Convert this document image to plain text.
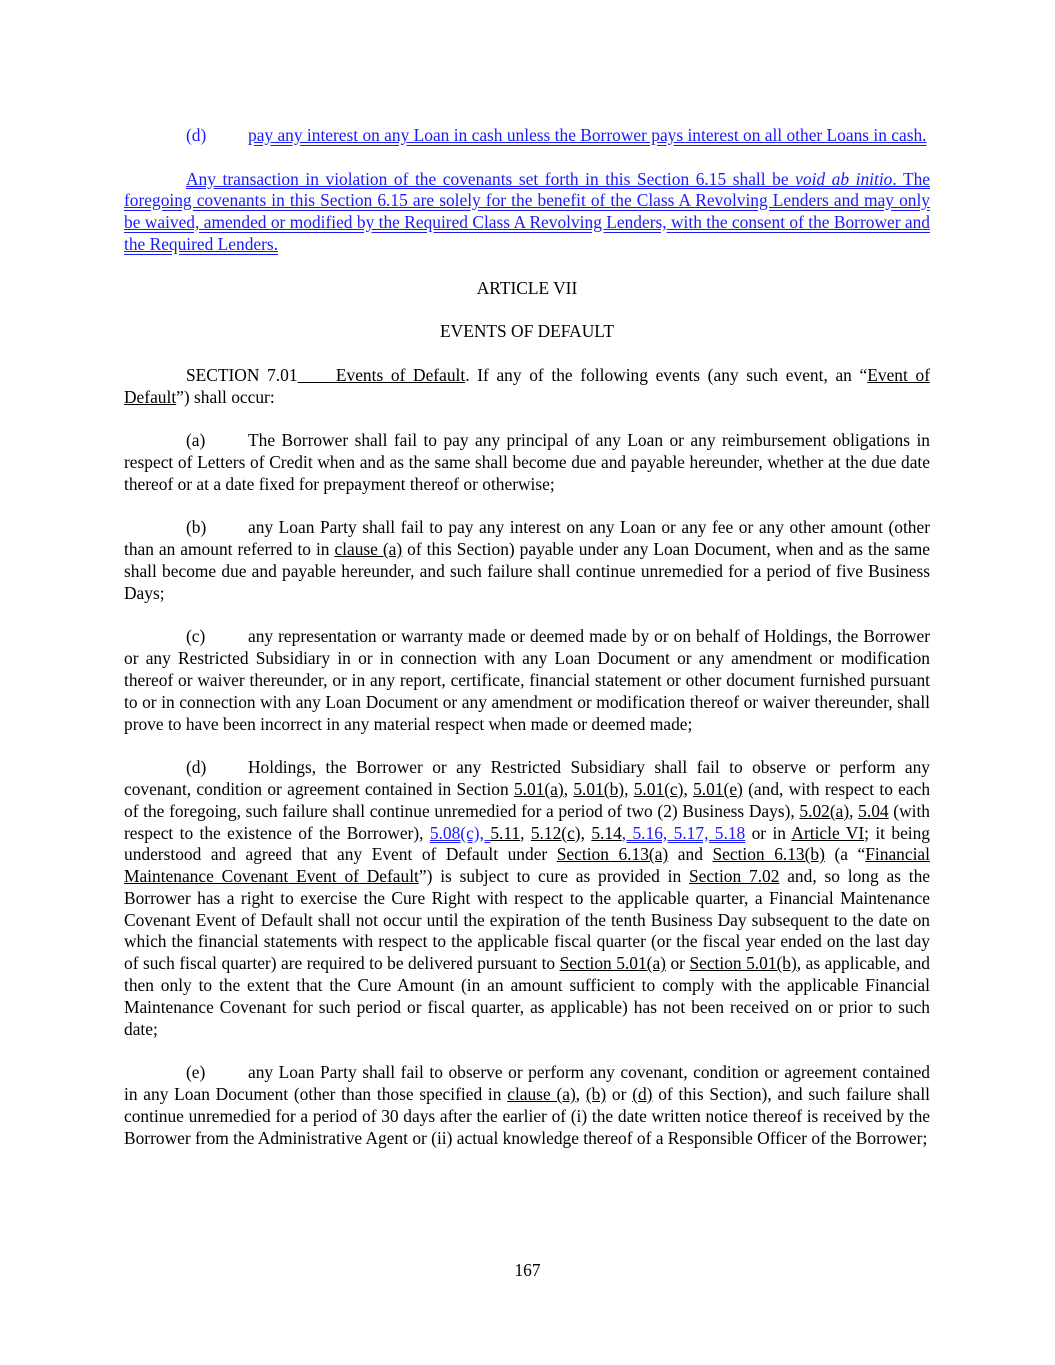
(d) pay any interest on any Loan in cash unless the Borrower pays interest on all other Loans in cash.

Any transaction in violation of the covenants set forth in this Section 6.15 shall be void ab initio. The foregoing covenants in this Section 6.15 are solely for the benefit of the Class A Revolving Lenders and may only be waived, amended or modified by the Required Class A Revolving Lenders, with the consent of the Borrower and the Required Lenders.

ARTICLE VII

EVENTS OF DEFAULT

SECTION 7.01 Events of Default. If any of the following events (any such event, an “Event of Default”) shall occur:

(a) The Borrower shall fail to pay any principal of any Loan or any reimbursement obligations in respect of Letters of Credit when and as the same shall become due and payable hereunder, whether at the due date thereof or at a date fixed for prepayment thereof or otherwise;

(b) any Loan Party shall fail to pay any interest on any Loan or any fee or any other amount (other than an amount referred to in clause (a) of this Section) payable under any Loan Document, when and as the same shall become due and payable hereunder, and such failure shall continue unremedied for a period of five Business Days;

(c) any representation or warranty made or deemed made by or on behalf of Holdings, the Borrower or any Restricted Subsidiary in or in connection with any Loan Document or any amendment or modification thereof or waiver thereunder, or in any report, certificate, financial statement or other document furnished pursuant to or in connection with any Loan Document or any amendment or modification thereof or waiver thereunder, shall prove to have been incorrect in any material respect when made or deemed made;

(d) Holdings, the Borrower or any Restricted Subsidiary shall fail to observe or perform any covenant, condition or agreement contained in Section 5.01(a), 5.01(b), 5.01(c), 5.01(e) (and, with respect to each of the foregoing, such failure shall continue unremedied for a period of two (2) Business Days), 5.02(a), 5.04 (with respect to the existence of the Borrower), 5.08(c), 5.11, 5.12(c), 5.14, 5.16, 5.17, 5.18 or in Article VI; it being understood and agreed that any Event of Default under Section 6.13(a) and Section 6.13(b) (a “Financial Maintenance Covenant Event of Default”) is subject to cure as provided in Section 7.02 and, so long as the Borrower has a right to exercise the Cure Right with respect to the applicable quarter, a Financial Maintenance Covenant Event of Default shall not occur until the expiration of the tenth Business Day subsequent to the date on which the financial statements with respect to the applicable fiscal quarter (or the fiscal year ended on the last day of such fiscal quarter) are required to be delivered pursuant to Section 5.01(a) or Section 5.01(b), as applicable, and then only to the extent that the Cure Amount (in an amount sufficient to comply with the applicable Financial Maintenance Covenant for such period or fiscal quarter, as applicable) has not been received on or prior to such date;

(e) any Loan Party shall fail to observe or perform any covenant, condition or agreement contained in any Loan Document (other than those specified in clause (a), (b) or (d) of this Section), and such failure shall continue unremedied for a period of 30 days after the earlier of (i) the date written notice thereof is received by the Borrower from the Administrative Agent or (ii) actual knowledge thereof of a Responsible Officer of the Borrower;

167
